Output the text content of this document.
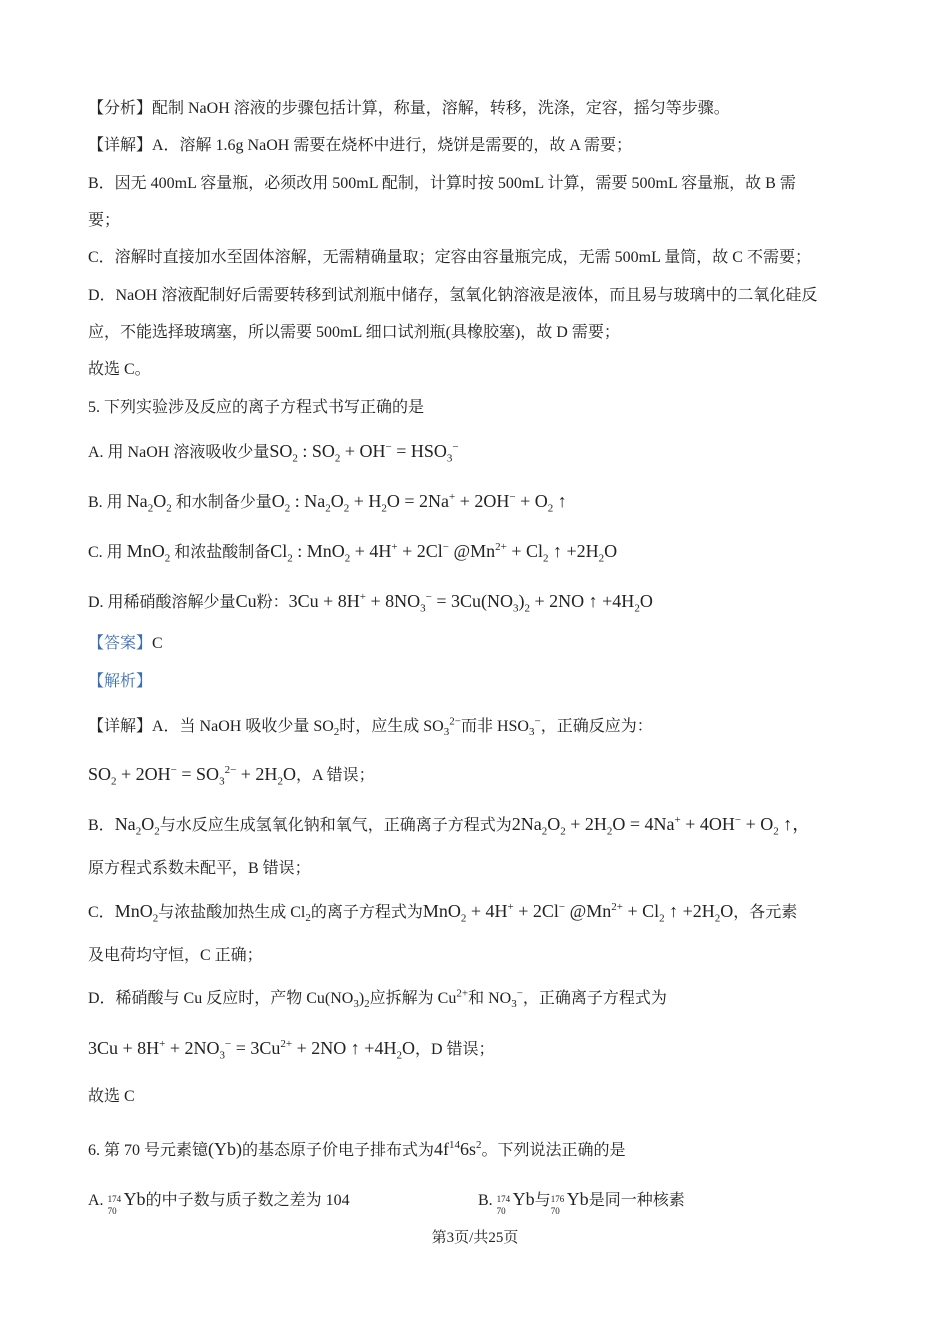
【分析】配制 NaOH 溶液的步骤包括计算，称量，溶解，转移，洗涤，定容，摇匀等步骤。
【详解】A．溶解 1.6g NaOH 需要在烧杯中进行，烧饼是需要的，故 A 需要；
B．因无 400mL 容量瓶，必须改用 500mL 配制，计算时按 500mL 计算，需要 500mL 容量瓶，故 B 需
要；
C．溶解时直接加水至固体溶解，无需精确量取；定容由容量瓶完成，无需 500mL 量筒，故 C 不需要；
D．NaOH 溶液配制好后需要转移到试剂瓶中储存，氢氧化钠溶液是液体，而且易与玻璃中的二氧化硅反
应，不能选择玻璃塞，所以需要 500mL 细口试剂瓶(具橡胶塞)，故 D 需要；
故选 C。
5. 下列实验涉及反应的离子方程式书写正确的是
A. 用 NaOH 溶液吸收少量$SO_2$ : $SO_2 + OH^- = HSO_3^-$
B. 用 $Na_2O_2$ 和水制备少量$O_2$ : $Na_2O_2 + H_2O = 2Na^+ + 2OH^- + O_2$ ↑
C. 用 MnO$_2$ 和浓盐酸制备$Cl_2$ : MnO$_2$ + 4H+ + 2Cl− $@Mn^{2+} + Cl_2$ ↑ $+2H_2O$
D. 用稀硝酸溶解少量Cu粉：$3Cu + 8H^+ + 8NO_3^- = 3Cu(NO_3)_2 + 2NO$ ↑ $+4H_2O$
【答案】C
【解析】
【详解】A．当 NaOH 吸收少量 $SO_2$时，应生成 $SO_3^{2-}$而非 $HSO_3^-$，正确反应为：
$SO_2 + 2OH^- = SO_3^{2-} + 2H_2O$，A 错误；
B．$Na_2O_2$与水反应生成氢氧化钠和氧气，正确离子方程式为$2Na_2O_2 + 2H_2O = 4Na^+ + 4OH^- + O_2$ ↑，
原方程式系数未配平，B 错误；
C．MnO$_2$与浓盐酸加热生成 $Cl_2$的离子方程式为MnO$_2$ + 4H+ + 2Cl− $@Mn^{2+} + Cl_2$ ↑ $+2H_2O$，各元素
及电荷均守恒，C 正确；
D．稀硝酸与 Cu 反应时，产物 $Cu(NO_3)_2$应拆解为 $Cu^{2+}$和 $NO_3^-$，正确离子方程式为
$3Cu + 8H^+ + 2NO_3^- = 3Cu^{2+} + 2NO$ ↑ $+4H_2O$，D 错误；
故选 C
6. 第 70 号元素镱(Yb)的基态原子价电子排布式为$4f^{14}6s^2$。下列说法正确的是
A. 174
70
Yb的中子数与质子数之差为 104	B. 174
70
Yb与 176
70
Yb是同一种核素
第3页/共25页
